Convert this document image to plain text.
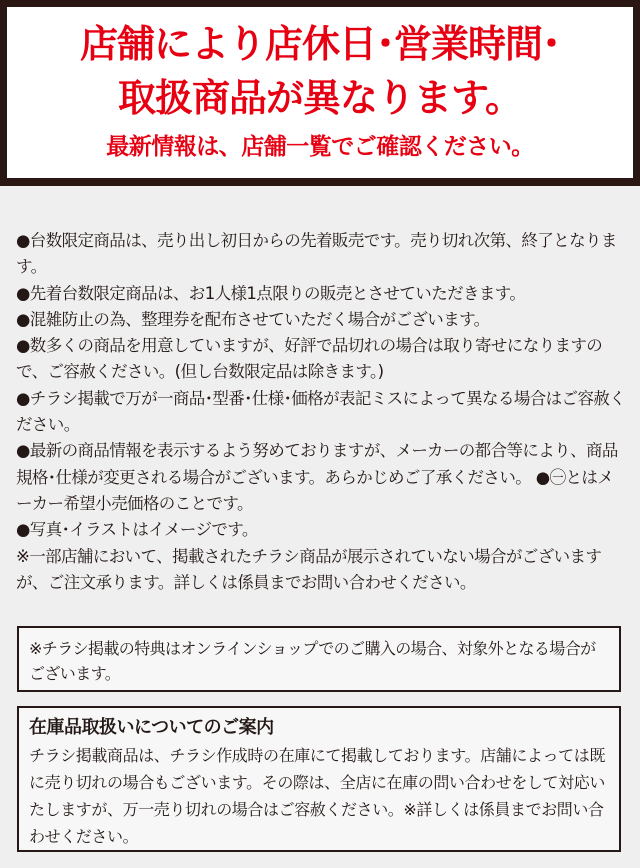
店舗により店休日･営業時間･
取扱商品が異なります。
最新情報は、店舗一覧でご確認ください。

●台数限定商品は、売り出し初日からの先着販売です。売り切れ次第、終了となります。

●先着台数限定商品は、お1人様1点限りの販売とさせていただきます。

●混雑防止の為、整理券を配布させていただく場合がございます。

●数多くの商品を用意していますが、好評で品切れの場合は取り寄せになりますので、ご容赦ください。(但し台数限定品は除きます。)

●チラシ掲載で万が一商品･型番･仕様･価格が表記ミスによって異なる場合はご容赦ください。

●最新の商品情報を表示するよう努めておりますが、メーカーの都合等により、商品規格･仕様が変更される場合がございます。あらかじめご了承ください。 ●㊀とはメーカー希望小売価格のことです。

●写真･イラストはイメージです。

※一部店舗において、掲載されたチラシ商品が展示されていない場合がございますが、ご注文承ります。詳しくは係員までお問い合わせください。

※チラシ掲載の特典はオンラインショップでのご購入の場合、対象外となる場合がございます。
在庫品取扱いについてのご案内
チラシ掲載商品は、チラシ作成時の在庫にて掲載しております。店舗によっては既に売り切れの場合もございます。その際は、全店に在庫の問い合わせをして対応いたしますが、万一売り切れの場合はご容赦ください。※詳しくは係員までお問い合わせください。
